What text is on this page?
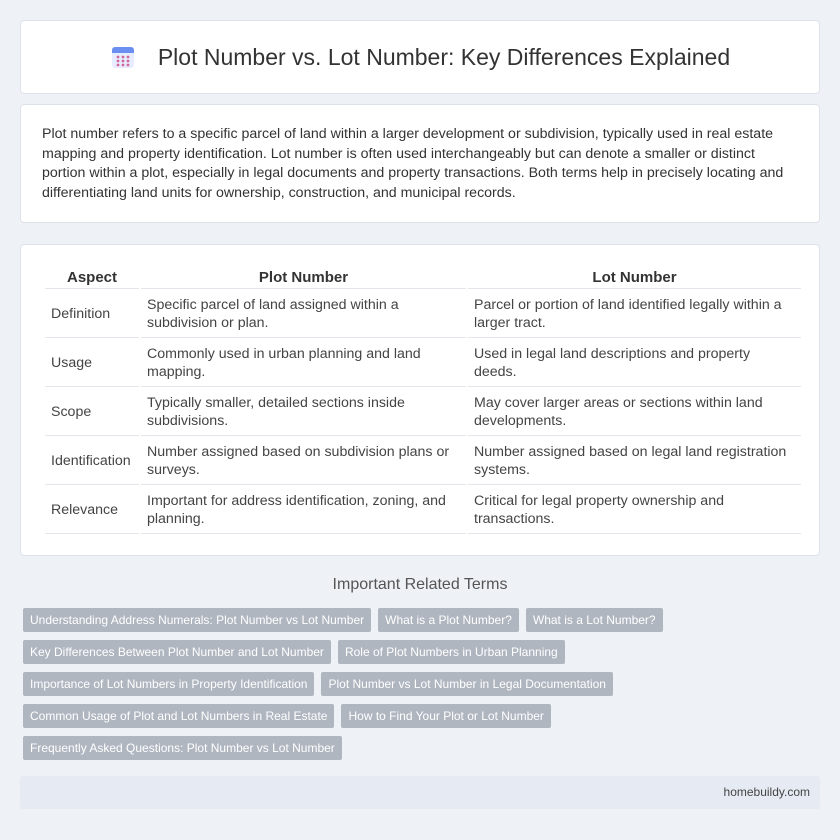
Plot Number vs. Lot Number: Key Differences Explained

Plot number refers to a specific parcel of land within a larger development or subdivision, typically used in real estate mapping and property identification. Lot number is often used interchangeably but can denote a smaller or distinct portion within a plot, especially in legal documents and property transactions. Both terms help in precisely locating and differentiating land units for ownership, construction, and municipal records.

Aspect	Plot Number	Lot Number
Definition	Specific parcel of land assigned within a subdivision or plan.	Parcel or portion of land identified legally within a larger tract.
Usage	Commonly used in urban planning and land mapping.	Used in legal land descriptions and property deeds.
Scope	Typically smaller, detailed sections inside subdivisions.	May cover larger areas or sections within land developments.
Identification	Number assigned based on subdivision plans or surveys.	Number assigned based on legal land registration systems.
Relevance	Important for address identification, zoning, and planning.	Critical for legal property ownership and transactions.
Important Related Terms
Understanding Address Numerals: Plot Number vs Lot Number	What is a Plot Number?	What is a Lot Number?
Key Differences Between Plot Number and Lot Number	Role of Plot Numbers in Urban Planning
Importance of Lot Numbers in Property Identification	Plot Number vs Lot Number in Legal Documentation
Common Usage of Plot and Lot Numbers in Real Estate	How to Find Your Plot or Lot Number
Frequently Asked Questions: Plot Number vs Lot Number
homebuildy.com
